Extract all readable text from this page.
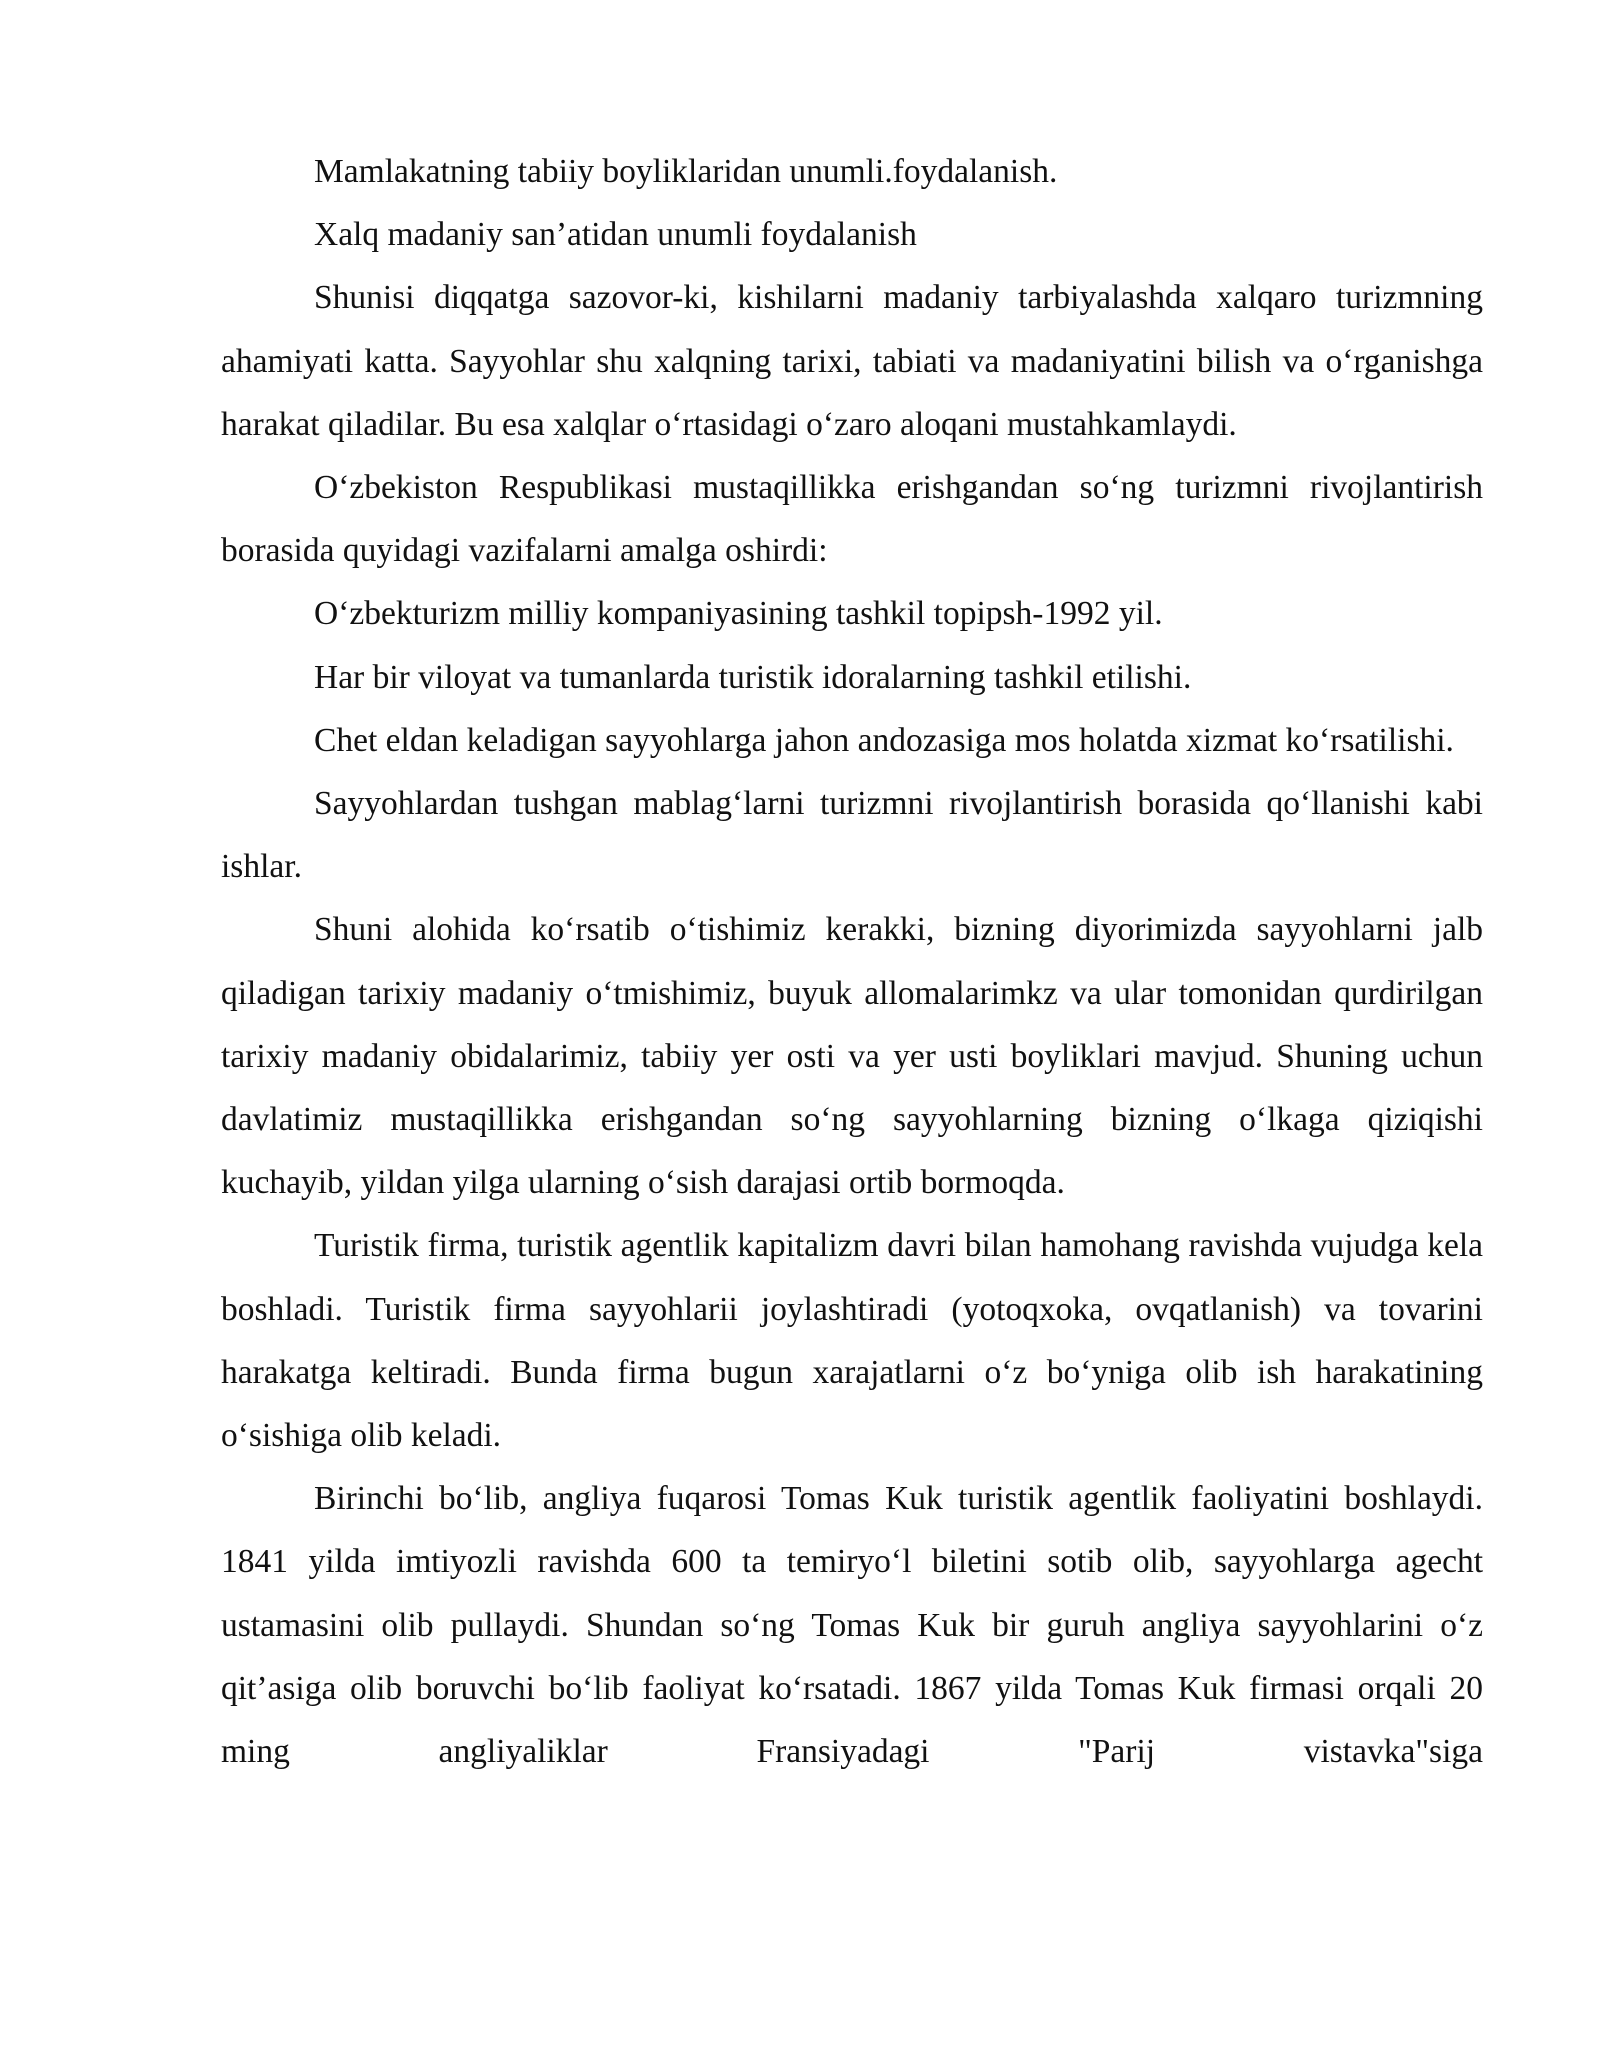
Mamlakatning tabiiy boyliklaridan unumli.foydalanish.

Xalq madaniy san’atidan unumli foydalanish

Shunisi diqqatga sazovor-ki, kishilarni madaniy tarbiyalashda xalqaro turizmning ahamiyati katta. Sayyohlar shu xalqning tarixi, tabiati va madaniyatini bilish va oʻrganishga harakat qiladilar. Bu esa xalqlar oʻrtasidagi oʻzaro aloqani mustahkamlaydi.

Oʻzbekiston Respublikasi mustaqillikka erishgandan soʻng turizmni rivojlantirish borasida quyidagi vazifalarni amalga oshirdi:

Oʻzbekturizm milliy kompaniyasining tashkil topipsh-1992 yil.

Har bir viloyat va tumanlarda turistik idoralarning tashkil etilishi.

Chet eldan keladigan sayyohlarga jahon andozasiga mos holatda xizmat koʻrsatilishi.

Sayyohlardan tushgan mablagʻlarni turizmni rivojlantirish borasida qoʻllanishi kabi ishlar.

Shuni alohida koʻrsatib oʻtishimiz kerakki, bizning diyorimizda sayyohlarni jalb qiladigan tarixiy madaniy oʻtmishimiz, buyuk allomalarimkz va ular tomonidan qurdirilgan tarixiy madaniy obidalarimiz, tabiiy yer osti va yer usti boyliklari mavjud. Shuning uchun davlatimiz mustaqillikka erishgandan soʻng sayyohlarning bizning oʻlkaga qiziqishi kuchayib, yildan yilga ularning oʻsish darajasi ortib bormoqda.

Turistik firma, turistik agentlik kapitalizm davri bilan hamohang ravishda vujudga kela boshladi. Turistik firma sayyohlarii joylashtiradi (yotoqxoka, ovqatlanish) va tovarini harakatga keltiradi. Bunda firma bugun xarajatlarni oʻz boʻyniga olib ish harakatining oʻsishiga olib keladi.

Birinchi boʻlib, angliya fuqarosi Tomas Kuk turistik agentlik faoliyatini boshlaydi. 1841 yilda imtiyozli ravishda 600 ta temiryoʻl biletini sotib olib, sayyohlarga agecht ustamasini olib pullaydi. Shundan soʻng Tomas Kuk bir guruh angliya sayyohlarini oʻz qit’asiga olib boruvchi boʻlib faoliyat koʻrsatadi. 1867 yilda Tomas Kuk firmasi orqali 20 ming angliyaliklar Fransiyadagi "Parij vistavka"siga
